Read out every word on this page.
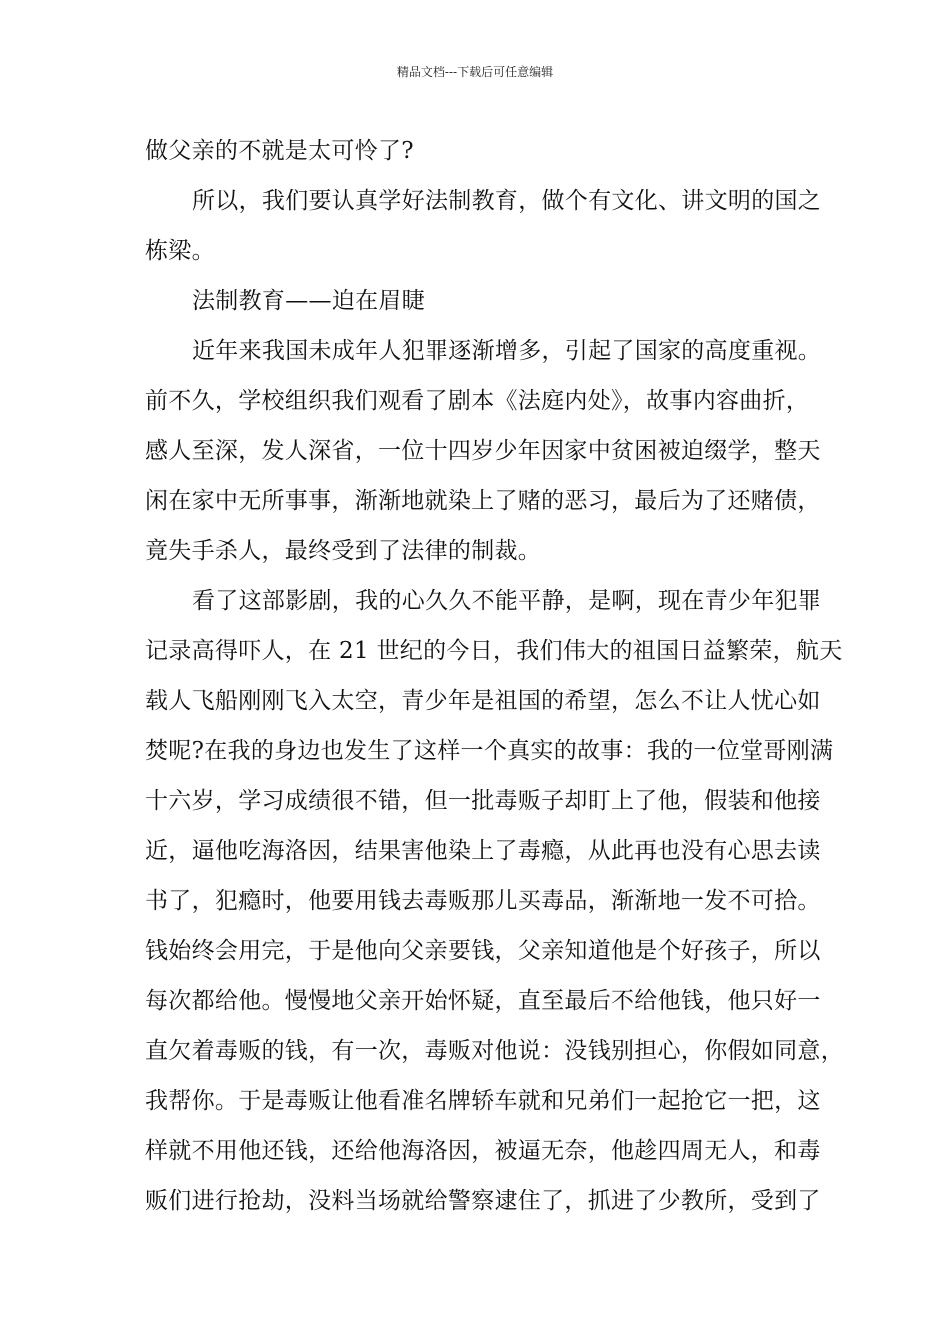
精品文档---下载后可任意编辑
做父亲的不就是太可怜了?
所以，我们要认真学好法制教育，做个有文化、讲文明的国之
栋梁。
法制教育——迫在眉睫
近年来我国未成年人犯罪逐渐增多，引起了国家的高度重视。
前不久，学校组织我们观看了剧本《法庭内处》，故事内容曲折，
感人至深，发人深省，一位十四岁少年因家中贫困被迫缀学，整天
闲在家中无所事事，渐渐地就染上了赌的恶习，最后为了还赌债，
竟失手杀人，最终受到了法律的制裁。
看了这部影剧，我的心久久不能平静，是啊，现在青少年犯罪
记录高得吓人，在 21 世纪的今日，我们伟大的祖国日益繁荣，航天
载人飞船刚刚飞入太空，青少年是祖国的希望，怎么不让人忧心如
焚呢?在我的身边也发生了这样一个真实的故事：我的一位堂哥刚满
十六岁，学习成绩很不错，但一批毒贩子却盯上了他，假装和他接
近，逼他吃海洛因，结果害他染上了毒瘾，从此再也没有心思去读
书了，犯瘾时，他要用钱去毒贩那儿买毒品，渐渐地一发不可拾。
钱始终会用完，于是他向父亲要钱，父亲知道他是个好孩子，所以
每次都给他。慢慢地父亲开始怀疑，直至最后不给他钱，他只好一
直欠着毒贩的钱，有一次，毒贩对他说：没钱别担心，你假如同意，
我帮你。于是毒贩让他看准名牌轿车就和兄弟们一起抢它一把，这
样就不用他还钱，还给他海洛因，被逼无奈，他趁四周无人，和毒
贩们进行抢劫，没料当场就给警察逮住了，抓进了少教所，受到了
